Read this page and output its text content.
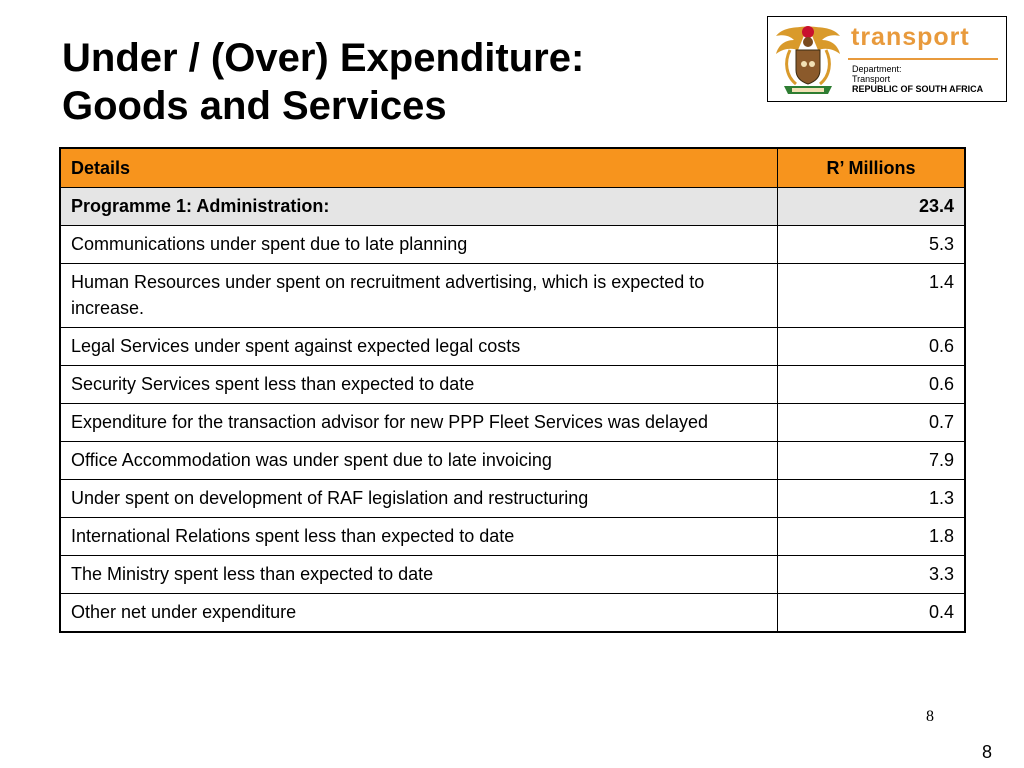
Under / (Over) Expenditure:
Goods and Services
transport
Department:
Transport
REPUBLIC OF SOUTH AFRICA
Details	R’ Millions
Programme 1: Administration:	23.4
Communications under spent due to late planning	5.3
Human Resources under spent on recruitment advertising, which is expected to increase.	1.4
Legal Services under spent against expected legal costs	0.6
Security Services spent less than expected to date	0.6
Expenditure for the transaction advisor for new PPP Fleet Services was delayed	0.7
Office Accommodation was under spent due to late invoicing	7.9
Under spent on development of RAF legislation and restructuring	1.3
International Relations spent less than expected to date	1.8
The Ministry spent less than expected to date	3.3
Other net under expenditure	0.4
8
8
